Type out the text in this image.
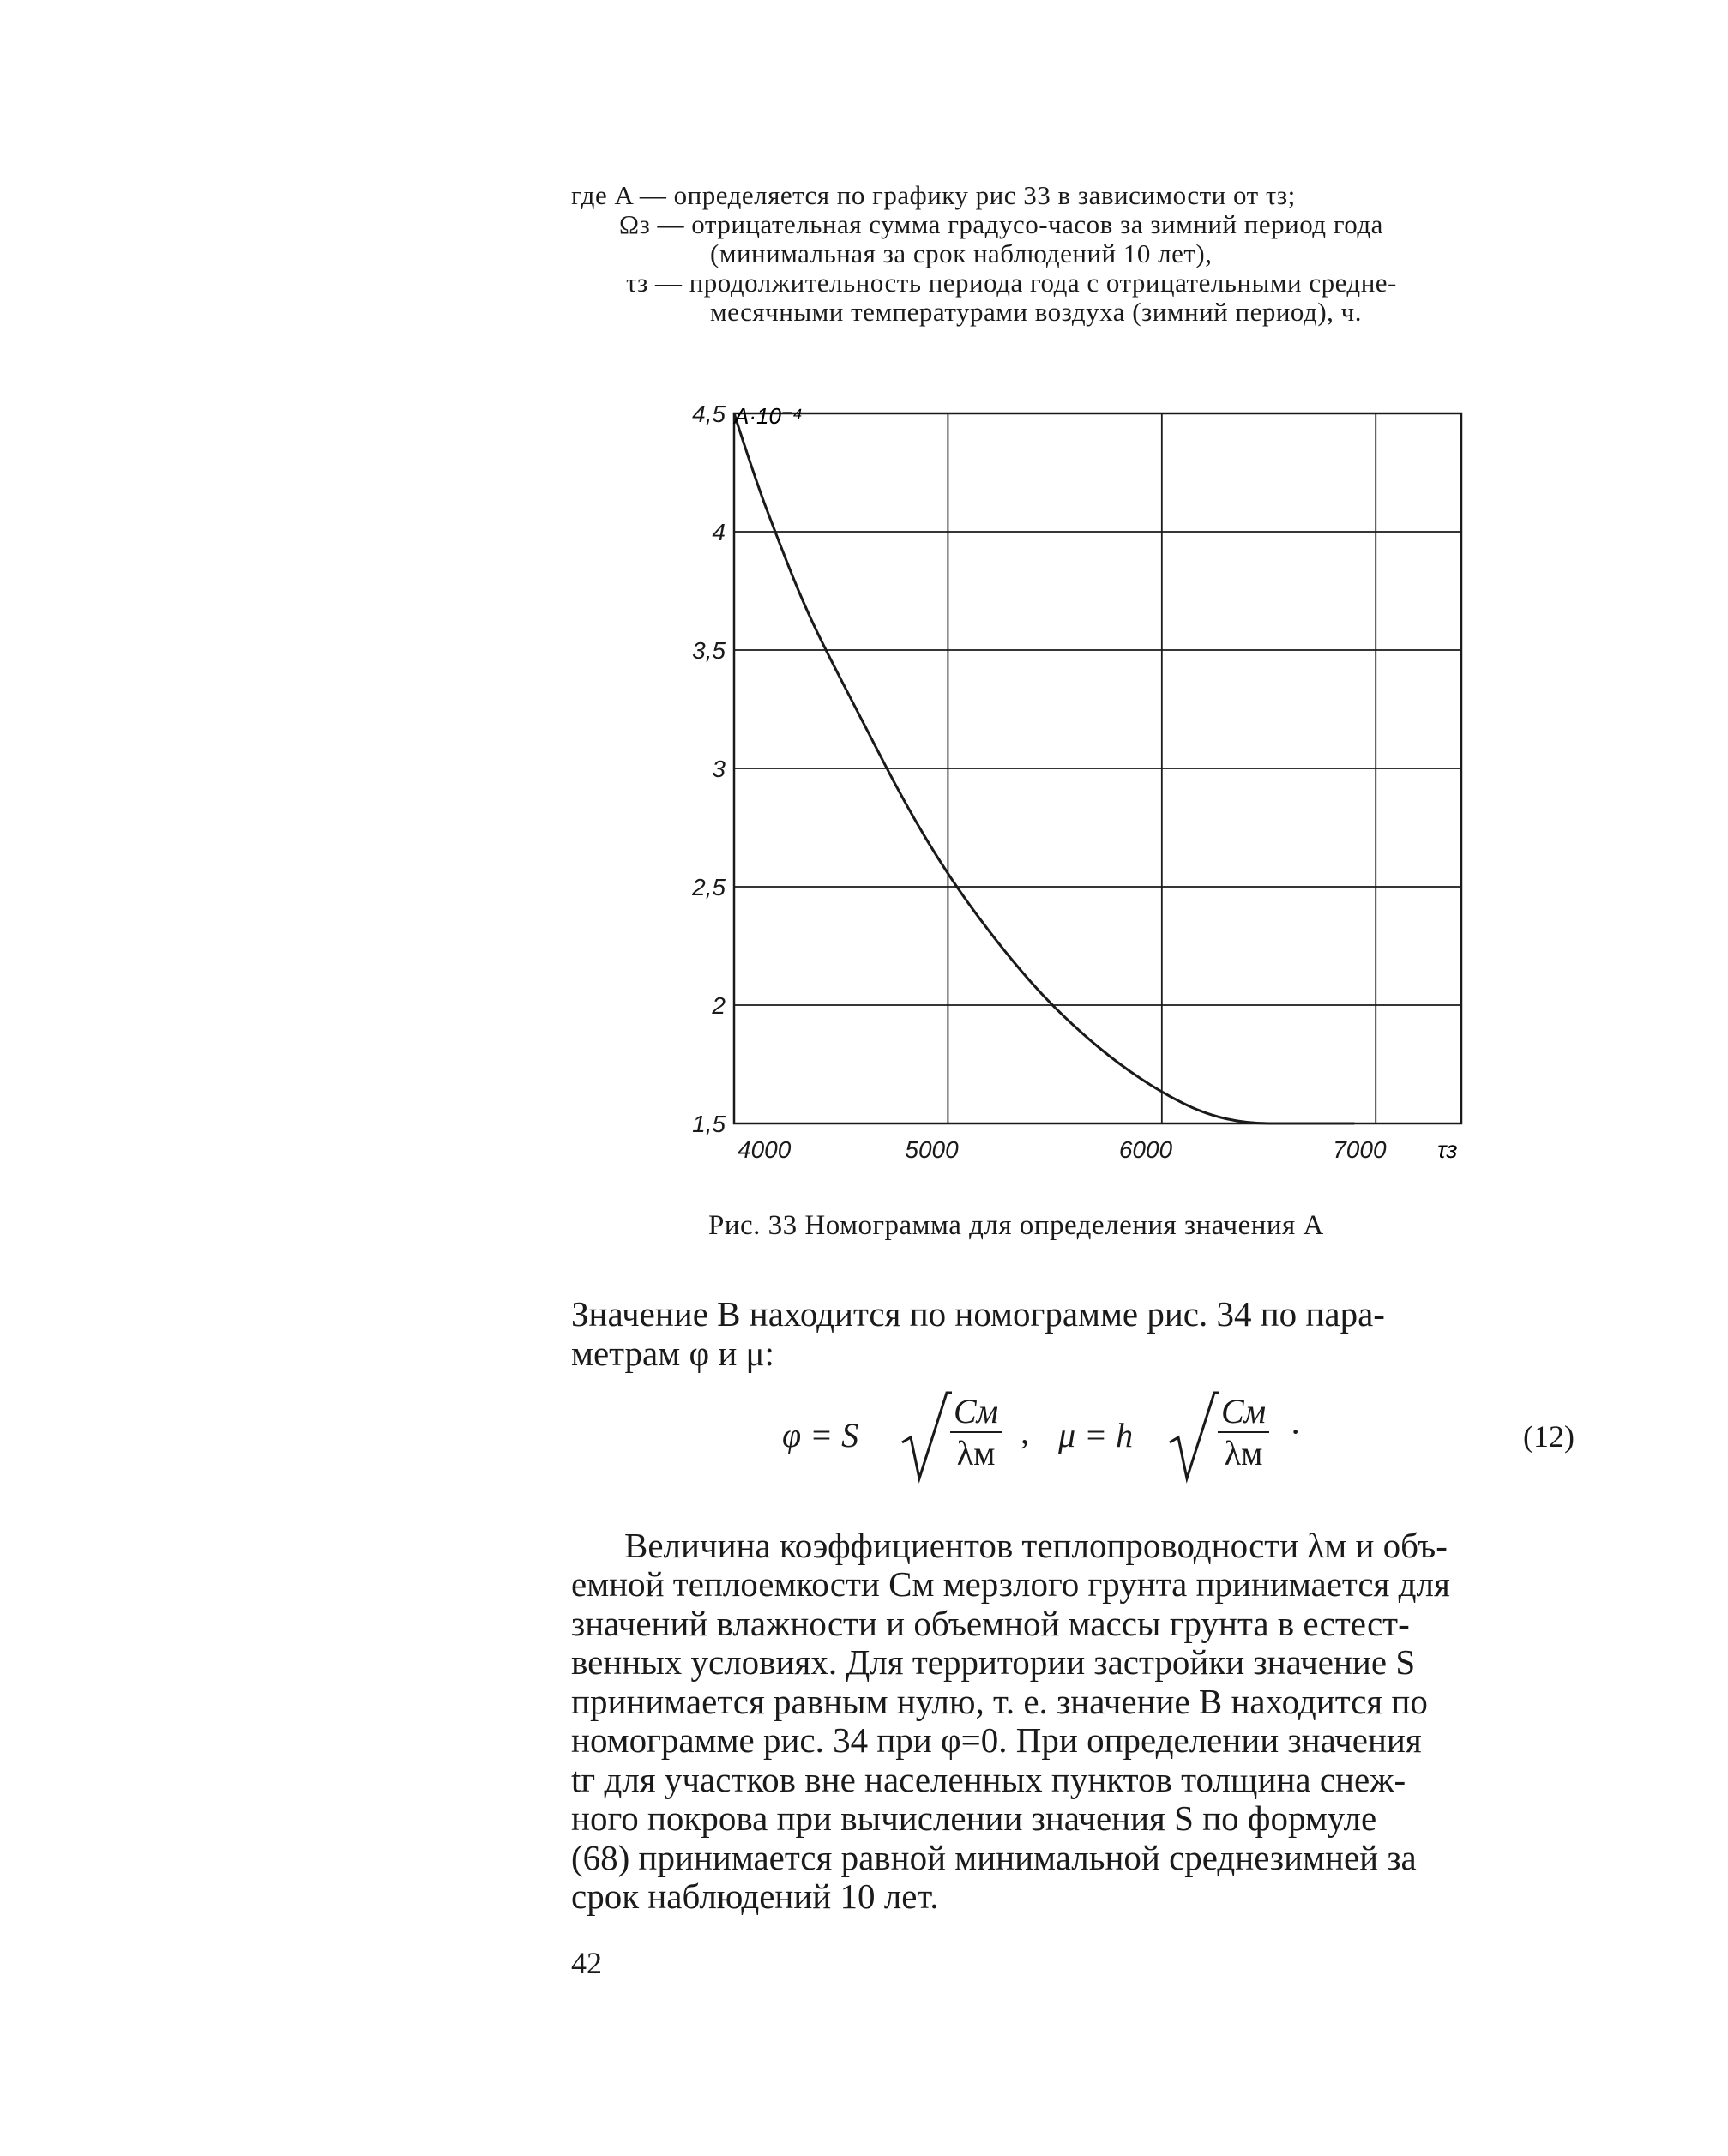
где A — определяется по графику рис 33 в зависимости от τз;
Ωз — отрицательная сумма градусо-часов за зимний период года
(минимальная за срок наблюдений 10 лет),
τз — продолжительность периода года с отрицательными средне-
месячными температурами воздуха (зимний период), ч.
4,5
4
3,5
3
2,5
2
1,5
4000	5000	6000	7000
A·10⁻⁴
τз
Рис. 33 Номограмма для определения значения A
Значение B находится по номограмме рис. 34 по пара-
метрам φ и μ:
φ = S
Cм
λм
, μ = h
Cм
λм
·	(12)
Величина коэффициентов теплопроводности λм и объ-
емной теплоемкости Cм мерзлого грунта принимается для
значений влажности и объемной массы грунта в естест-
венных условиях. Для территории застройки значение S
принимается равным нулю, т. е. значение B находится по
номограмме рис. 34 при φ=0. При определении значения
tг для участков вне населенных пунктов толщина снеж-
ного покрова при вычислении значения S по формуле
(68) принимается равной минимальной среднезимней за
срок наблюдений 10 лет.
42
